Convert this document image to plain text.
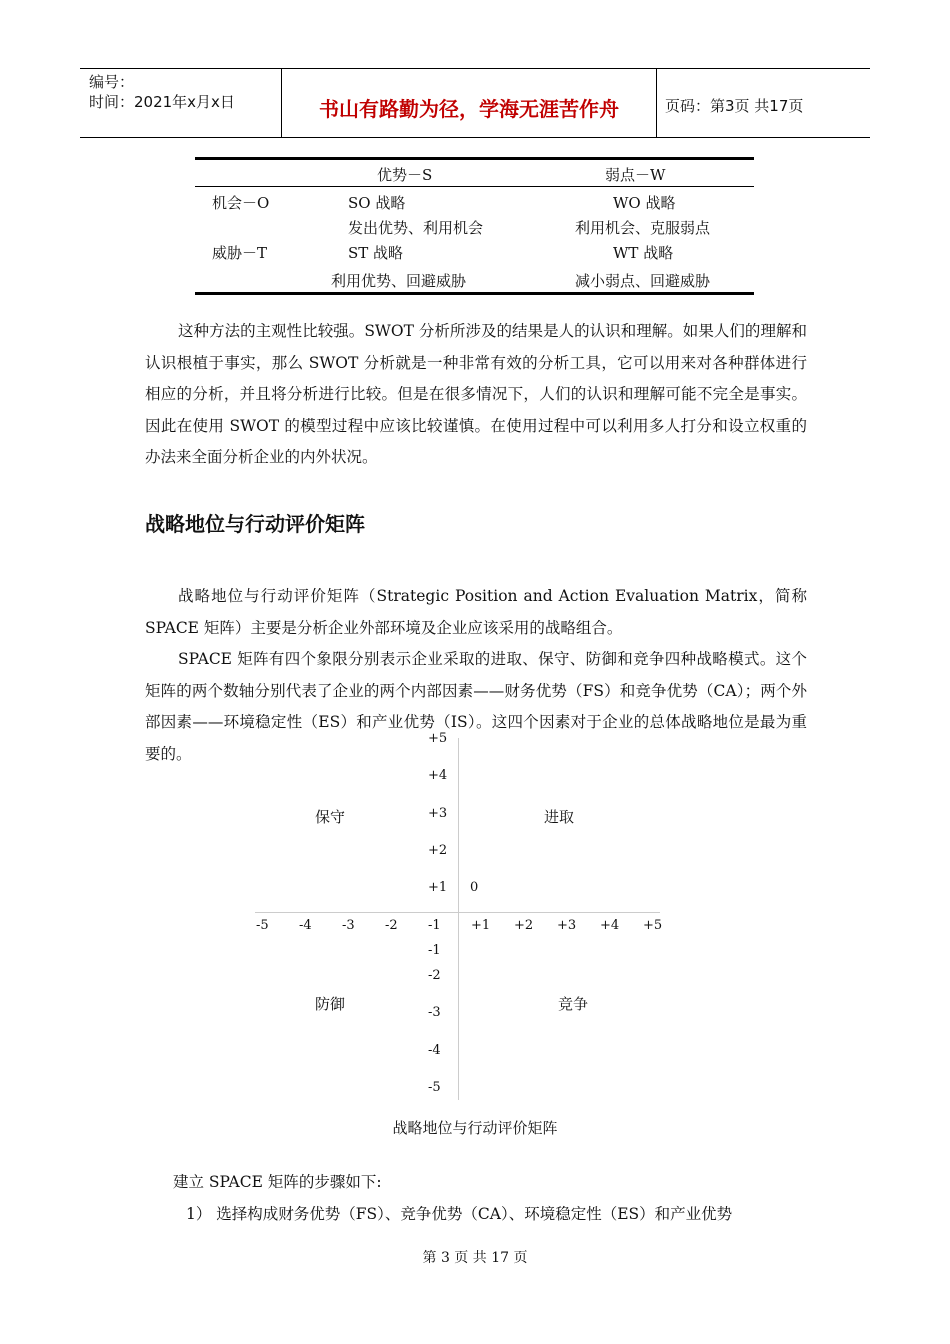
编号：
时间：2021年x月x日	书山有路勤为径，学海无涯苦作舟	页码：第3页 共17页
优势－S	弱点－W
机会－O	SO 战略	WO 战略
发出优势、利用机会	利用机会、克服弱点
威胁－T	ST 战略	WT 战略
利用优势、回避威胁	减小弱点、回避威胁

这种方法的主观性比较强。SWOT 分析所涉及的结果是人的认识和理解。如果人们的理解和认识根植于事实，那么 SWOT 分析就是一种非常有效的分析工具，它可以用来对各种群体进行相应的分析，并且将分析进行比较。但是在很多情况下，人们的认识和理解可能不完全是事实。因此在使用 SWOT 的模型过程中应该比较谨慎。在使用过程中可以利用多人打分和设立权重的办法来全面分析企业的内外状况。

战略地位与行动评价矩阵

战略地位与行动评价矩阵（Strategic Position and Action Evaluation Matrix，简称 SPACE 矩阵）主要是分析企业外部环境及企业应该采用的战略组合。

SPACE 矩阵有四个象限分别表示企业采取的进取、保守、防御和竞争四种战略模式。这个矩阵的两个数轴分别代表了企业的两个内部因素——财务优势（FS）和竞争优势（CA）；两个外部因素——环境稳定性（ES）和产业优势（IS）。这四个因素对于企业的总体战略地位是最为重要的。

+5
+4
+3
+2
+1 0
-5 -4 -3 -2 -1 +1 +2 +3 +4 +5
-1
-2
-3
-4
-5
保守	进取
防御	竞争
战略地位与行动评价矩阵

建立 SPACE 矩阵的步骤如下:

1） 选择构成财务优势（FS）、竞争优势（CA）、环境稳定性（ES）和产业优势

第 3 页 共 17 页
